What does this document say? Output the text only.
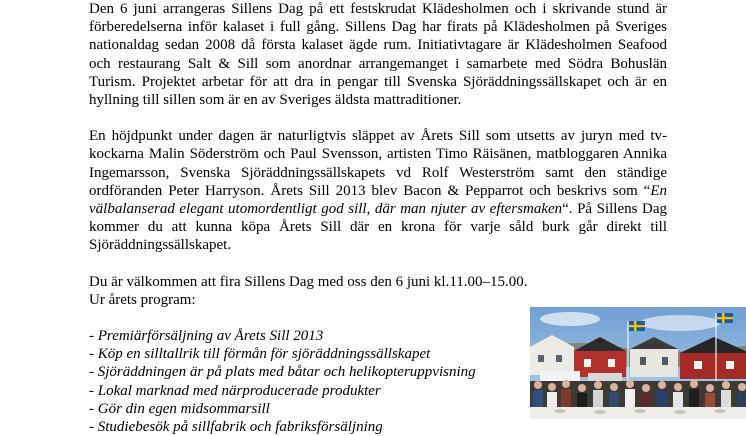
Den 6 juni arrangeras Sillens Dag på ett festskrudat Klädesholmen och i skrivande stund är förberedelserna inför kalaset i full gång. Sillens Dag har firats på Klädesholmen på Sveriges nationaldag sedan 2008 då första kalaset ägde rum. Initiativtagare är Klädesholmen Seafood och restaurang Salt & Sill som anordnar arrangemanget i samarbete med Södra Bohuslän Turism. Projektet arbetar för att dra in pengar till Svenska Sjöräddningssällskapet och är en hyllning till sillen som är en av Sveriges äldsta mattraditioner.

En höjdpunkt under dagen är naturligtvis släppet av Årets Sill som utsetts av juryn med tv-kockarna Malin Söderström och Paul Svensson, artisten Timo Räisänen, matbloggaren Annika Ingemarsson, Svenska Sjöräddningssällskapets vd Rolf Westerström samt den ständige ordföranden Peter Harryson. Årets Sill 2013 blev Bacon & Pepparrot och beskrivs som “En välbalanserad elegant utomordentligt god sill, där man njuter av eftersmaken“. På Sillens Dag kommer du att kunna köpa Årets Sill där en krona för varje såld burk går direkt till Sjöräddningssällskapet.

Du är välkommen att fira Sillens Dag med oss den 6 juni kl.11.00–15.00.
Ur årets program:
- Premiärförsäljning av Årets Sill 2013
- Köp en silltallrik till förmån för sjöräddningssällskapet
- Sjöräddningen är på plats med båtar och helikopteruppvisning
- Lokal marknad med närproducerade produkter
- Gör din egen midsommarsill
- Studiebesök på sillfabrik och fabriksförsäljning
